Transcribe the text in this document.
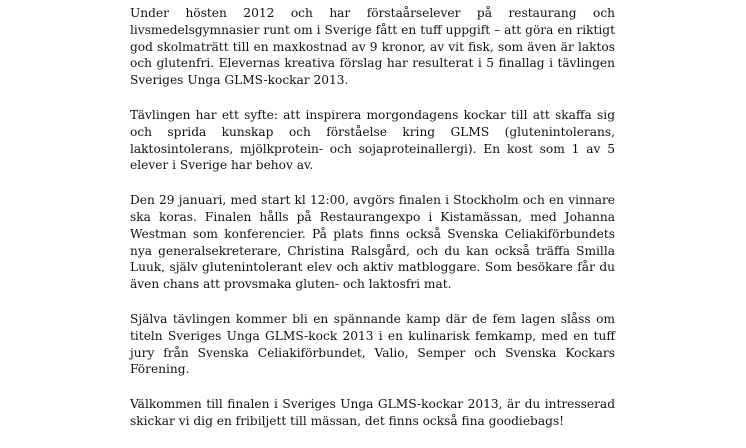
Under hösten 2012 och har förstaårselever på restaurang och livsmedelsgymnasier runt om i Sverige fått en tuff uppgift – att göra en riktigt god skolmaträtt till en maxkostnad av 9 kronor, av vit fisk, som även är laktos och glutenfri. Elevernas kreativa förslag har resulterat i 5 finallag i tävlingen Sveriges Unga GLMS-kockar 2013.

Tävlingen har ett syfte: att inspirera morgondagens kockar till att skaffa sig och sprida kunskap och förståelse kring GLMS (glutenintolerans, laktosintolerans, mjölkprotein- och sojaproteinallergi). En kost som 1 av 5 elever i Sverige har behov av.

Den 29 januari, med start kl 12:00, avgörs finalen i Stockholm och en vinnare ska koras. Finalen hålls på Restaurangexpo i Kistamässan, med Johanna Westman som konferencier. På plats finns också Svenska Celiakiförbundets nya generalsekreterare, Christina Ralsgård, och du kan också träffa Smilla Luuk, själv glutenintolerant elev och aktiv matbloggare. Som besökare får du även chans att provsmaka gluten- och laktosfri mat.

Själva tävlingen kommer bli en spännande kamp där de fem lagen slåss om titeln Sveriges Unga GLMS-kock 2013 i en kulinarisk femkamp, med en tuff jury från Svenska Celiakiförbundet, Valio, Semper och Svenska Kockars Förening.

Välkommen till finalen i Sveriges Unga GLMS-kockar 2013, är du intresserad skickar vi dig en fribiljett till mässan, det finns också fina goodiebags!
